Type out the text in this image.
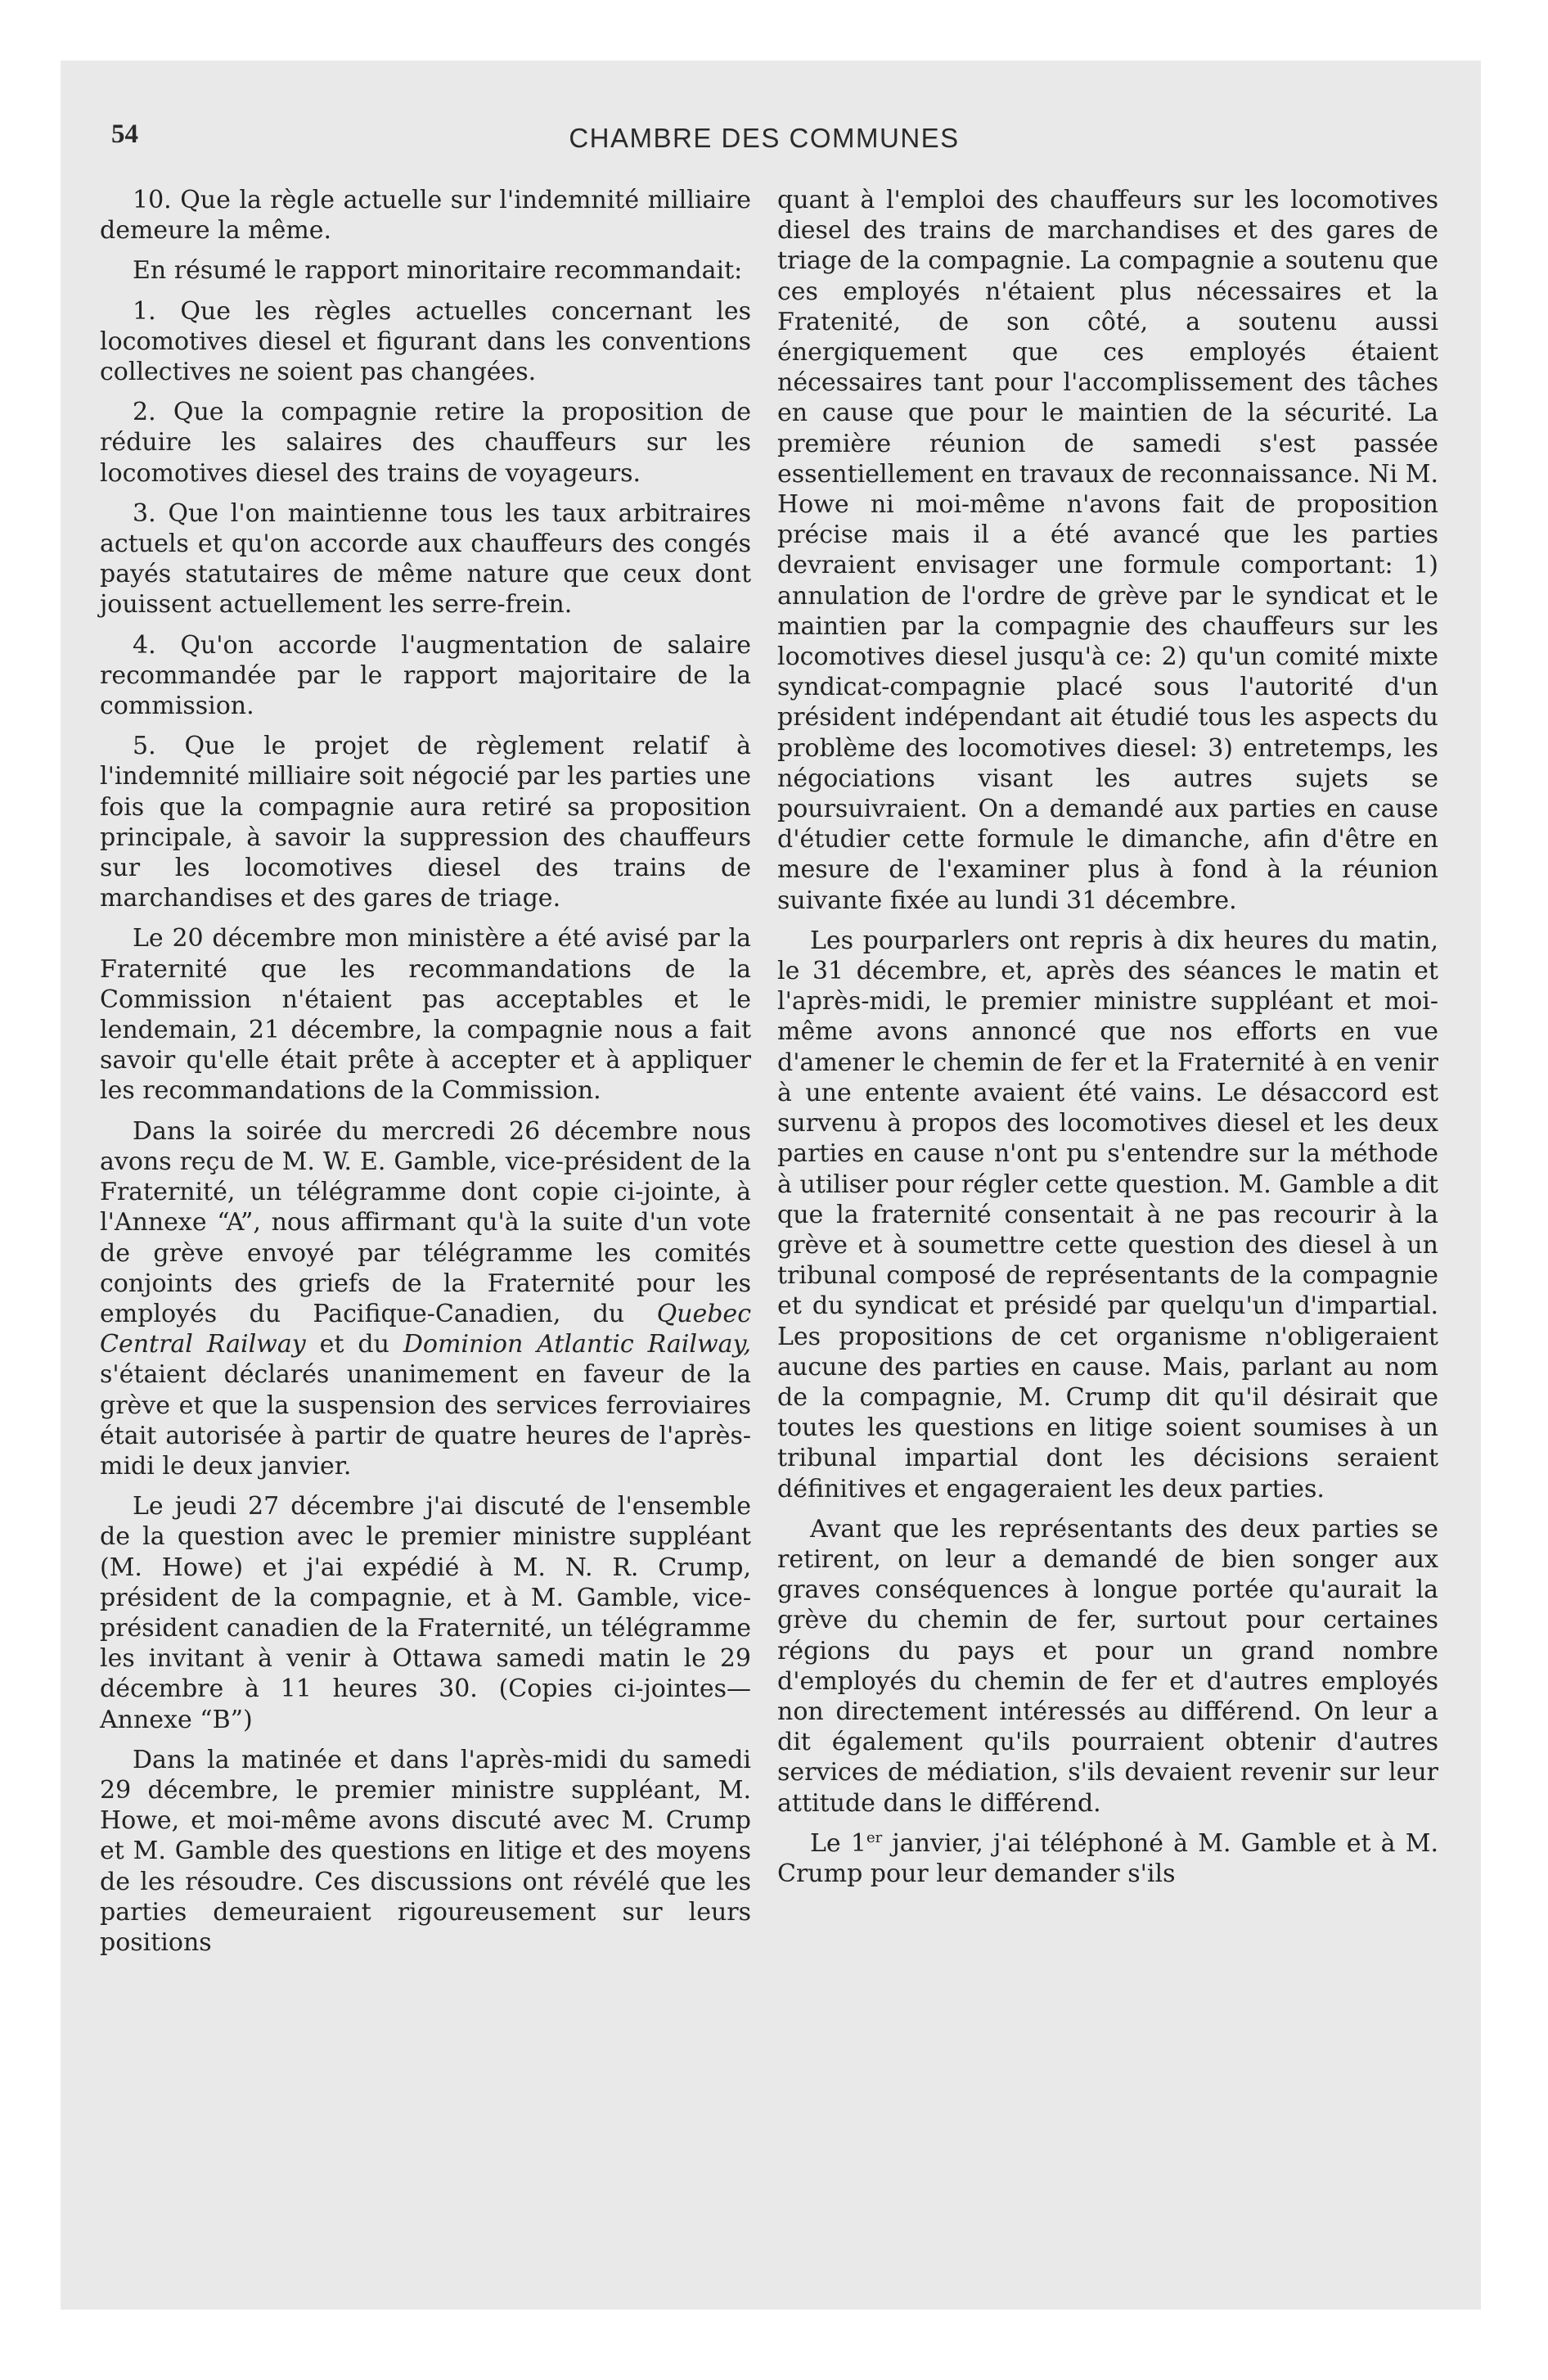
54	CHAMBRE DES COMMUNES

10. Que la règle actuelle sur l'indemnité milliaire demeure la même.

En résumé le rapport minoritaire recommandait:

1. Que les règles actuelles concernant les locomotives diesel et figurant dans les conventions collectives ne soient pas changées.

2. Que la compagnie retire la proposition de réduire les salaires des chauffeurs sur les locomotives diesel des trains de voyageurs.

3. Que l'on maintienne tous les taux arbitraires actuels et qu'on accorde aux chauffeurs des congés payés statutaires de même nature que ceux dont jouissent actuellement les serre-frein.

4. Qu'on accorde l'augmentation de salaire recommandée par le rapport majoritaire de la commission.

5. Que le projet de règlement relatif à l'indemnité milliaire soit négocié par les parties une fois que la compagnie aura retiré sa proposition principale, à savoir la suppression des chauffeurs sur les locomotives diesel des trains de marchandises et des gares de triage.

Le 20 décembre mon ministère a été avisé par la Fraternité que les recommandations de la Commission n'étaient pas acceptables et le lendemain, 21 décembre, la compagnie nous a fait savoir qu'elle était prête à accepter et à appliquer les recommandations de la Commission.

Dans la soirée du mercredi 26 décembre nous avons reçu de M. W. E. Gamble, vice-président de la Fraternité, un télégramme dont copie ci-jointe, à l'Annexe “A”, nous affirmant qu'à la suite d'un vote de grève envoyé par télégramme les comités conjoints des griefs de la Fraternité pour les employés du Pacifique-Canadien, du Quebec Central Railway et du Dominion Atlantic Railway, s'étaient déclarés unanimement en faveur de la grève et que la suspension des services ferroviaires était autorisée à partir de quatre heures de l'après-midi le deux janvier.

Le jeudi 27 décembre j'ai discuté de l'ensemble de la question avec le premier ministre suppléant (M. Howe) et j'ai expédié à M. N. R. Crump, président de la compagnie, et à M. Gamble, vice-président canadien de la Fraternité, un télégramme les invitant à venir à Ottawa samedi matin le 29 décembre à 11 heures 30. (Copies ci-jointes— Annexe “B”)

Dans la matinée et dans l'après-midi du samedi 29 décembre, le premier ministre suppléant, M. Howe, et moi-même avons discuté avec M. Crump et M. Gamble des questions en litige et des moyens de les résoudre. Ces discussions ont révélé que les parties demeuraient rigoureusement sur leurs positions

quant à l'emploi des chauffeurs sur les locomotives diesel des trains de marchandises et des gares de triage de la compagnie. La compagnie a soutenu que ces employés n'étaient plus nécessaires et la Fratenité, de son côté, a soutenu aussi énergiquement que ces employés étaient nécessaires tant pour l'accomplissement des tâches en cause que pour le maintien de la sécurité. La première réunion de samedi s'est passée essentiellement en travaux de reconnaissance. Ni M. Howe ni moi-même n'avons fait de proposition précise mais il a été avancé que les parties devraient envisager une formule comportant: 1) annulation de l'ordre de grève par le syndicat et le maintien par la compagnie des chauffeurs sur les locomotives diesel jusqu'à ce: 2) qu'un comité mixte syndicat-compagnie placé sous l'autorité d'un président indépendant ait étudié tous les aspects du problème des locomotives diesel: 3) entretemps, les négociations visant les autres sujets se poursuivraient. On a demandé aux parties en cause d'étudier cette formule le dimanche, afin d'être en mesure de l'examiner plus à fond à la réunion suivante fixée au lundi 31 décembre.

Les pourparlers ont repris à dix heures du matin, le 31 décembre, et, après des séances le matin et l'après-midi, le premier ministre suppléant et moi-même avons annoncé que nos efforts en vue d'amener le chemin de fer et la Fraternité à en venir à une entente avaient été vains. Le désaccord est survenu à propos des locomotives diesel et les deux parties en cause n'ont pu s'entendre sur la méthode à utiliser pour régler cette question. M. Gamble a dit que la fraternité consentait à ne pas recourir à la grève et à soumettre cette question des diesel à un tribunal composé de représentants de la compagnie et du syndicat et présidé par quelqu'un d'impartial. Les propositions de cet organisme n'obligeraient aucune des parties en cause. Mais, parlant au nom de la compagnie, M. Crump dit qu'il désirait que toutes les questions en litige soient soumises à un tribunal impartial dont les décisions seraient définitives et engageraient les deux parties.

Avant que les représentants des deux parties se retirent, on leur a demandé de bien songer aux graves conséquences à longue portée qu'aurait la grève du chemin de fer, surtout pour certaines régions du pays et pour un grand nombre d'employés du chemin de fer et d'autres employés non directement intéressés au différend. On leur a dit également qu'ils pourraient obtenir d'autres services de médiation, s'ils devaient revenir sur leur attitude dans le différend.

Le 1er janvier, j'ai téléphoné à M. Gamble et à M. Crump pour leur demander s'ils
